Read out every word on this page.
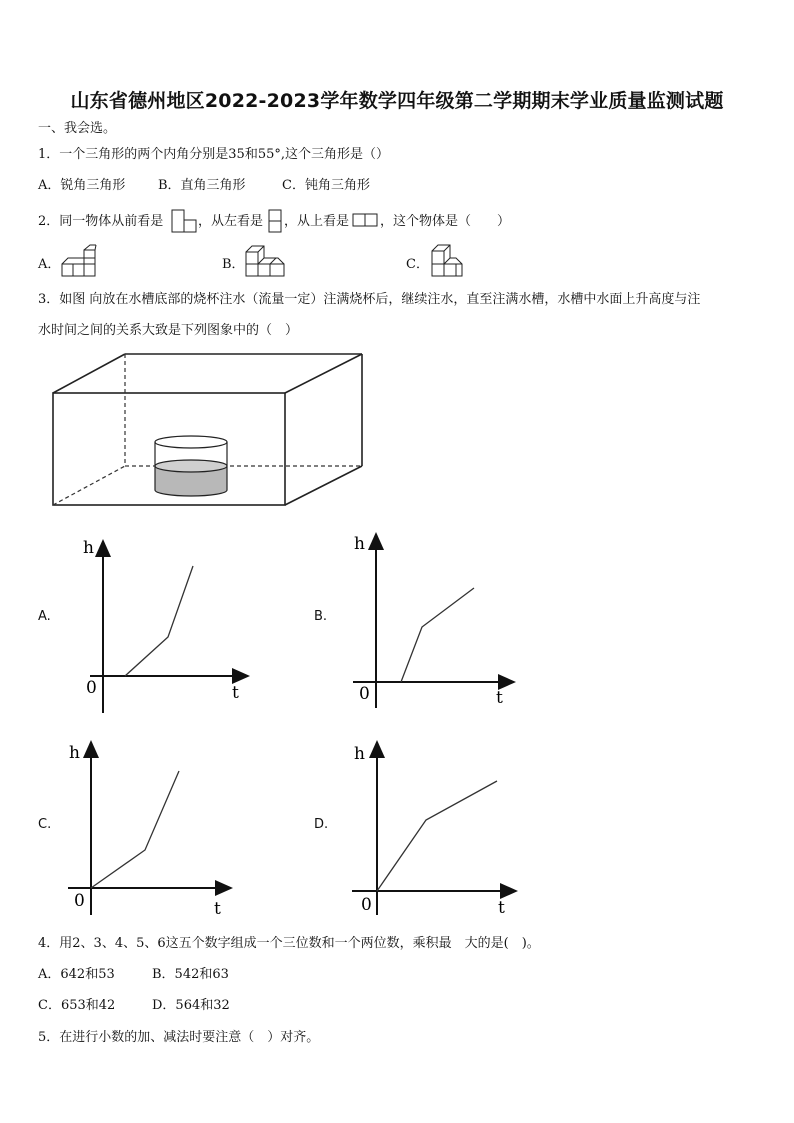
山东省德州地区2022-2023学年数学四年级第二学期期末学业质量监测试题
一、我会选。
1．一个三角形的两个内角分别是35和55°,这个三角形是（）
A．锐角三角形	B．直角三角形	C．钝角三角形
2．同一物体从前看是	，从左看是 ，从上看是 ，这个物体是（　　）
A．	B．	C．
3．如图 向放在水槽底部的烧杯注水（流量一定）注满烧杯后，继续注水，直至注满水槽，水槽中水面上升高度与注
水时间之间的关系大致是下列图象中的（　）
A.	B.
C.	D.
h
t
0
h
t
0
h
t
0
h
t
0
4．用2、3、4、5、6这五个数字组成一个三位数和一个两位数，乘积最　大的是(　)。
A．642和53	B．542和63
C．653和42	D．564和32
5．在进行小数的加、减法时要注意（　）对齐。
